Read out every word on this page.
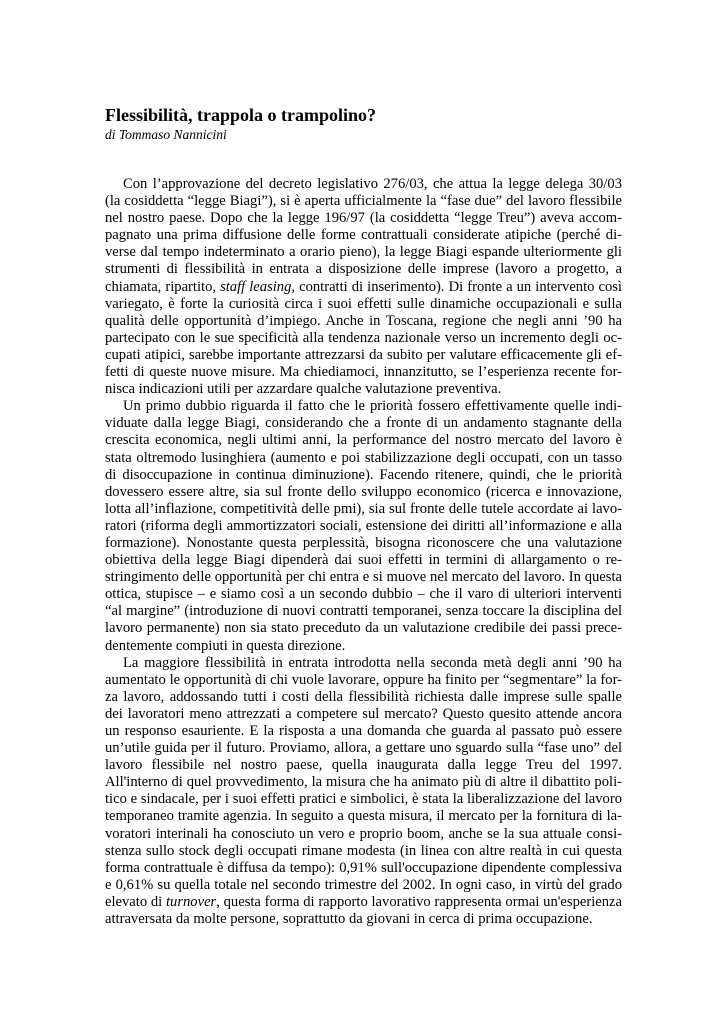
Flessibilità, trappola o trampolino?
di Tommaso Nannicini
Con l’approvazione del decreto legislativo 276/03, che attua la legge delega 30/03
(la cosiddetta “legge Biagi”), si è aperta ufficialmente la “fase due” del lavoro flessibile
nel nostro paese. Dopo che la legge 196/97 (la cosiddetta “legge Treu”) aveva accom-
pagnato una prima diffusione delle forme contrattuali considerate atipiche (perché di-
verse dal tempo indeterminato a orario pieno), la legge Biagi espande ulteriormente gli
strumenti di flessibilità in entrata a disposizione delle imprese (lavoro a progetto, a
chiamata, ripartito, staff leasing, contratti di inserimento). Di fronte a un intervento così
variegato, è forte la curiosità circa i suoi effetti sulle dinamiche occupazionali e sulla
qualità delle opportunità d’impiego. Anche in Toscana, regione che negli anni ’90 ha
partecipato con le sue specificità alla tendenza nazionale verso un incremento degli oc-
cupati atipici, sarebbe importante attrezzarsi da subito per valutare efficacemente gli ef-
fetti di queste nuove misure. Ma chiediamoci, innanzitutto, se l’esperienza recente for-
nisca indicazioni utili per azzardare qualche valutazione preventiva.
Un primo dubbio riguarda il fatto che le priorità fossero effettivamente quelle indi-
viduate dalla legge Biagi, considerando che a fronte di un andamento stagnante della
crescita economica, negli ultimi anni, la performance del nostro mercato del lavoro è
stata oltremodo lusinghiera (aumento e poi stabilizzazione degli occupati, con un tasso
di disoccupazione in continua diminuzione). Facendo ritenere, quindi, che le priorità
dovessero essere altre, sia sul fronte dello sviluppo economico (ricerca e innovazione,
lotta all’inflazione, competitività delle pmi), sia sul fronte delle tutele accordate ai lavo-
ratori (riforma degli ammortizzatori sociali, estensione dei diritti all’informazione e alla
formazione). Nonostante questa perplessità, bisogna riconoscere che una valutazione
obiettiva della legge Biagi dipenderà dai suoi effetti in termini di allargamento o re-
stringimento delle opportunità per chi entra e si muove nel mercato del lavoro. In questa
ottica, stupisce – e siamo così a un secondo dubbio – che il varo di ulteriori interventi
“al margine” (introduzione di nuovi contratti temporanei, senza toccare la disciplina del
lavoro permanente) non sia stato preceduto da un valutazione credibile dei passi prece-
dentemente compiuti in questa direzione.
La maggiore flessibilità in entrata introdotta nella seconda metà degli anni ’90 ha
aumentato le opportunità di chi vuole lavorare, oppure ha finito per “segmentare” la for-
za lavoro, addossando tutti i costi della flessibilità richiesta dalle imprese sulle spalle
dei lavoratori meno attrezzati a competere sul mercato? Questo quesito attende ancora
un responso esauriente. E la risposta a una domanda che guarda al passato può essere
un’utile guida per il futuro. Proviamo, allora, a gettare uno sguardo sulla “fase uno” del
lavoro flessibile nel nostro paese, quella inaugurata dalla legge Treu del 1997.
All'interno di quel provvedimento, la misura che ha animato più di altre il dibattito poli-
tico e sindacale, per i suoi effetti pratici e simbolici, è stata la liberalizzazione del lavoro
temporaneo tramite agenzia. In seguito a questa misura, il mercato per la fornitura di la-
voratori interinali ha conosciuto un vero e proprio boom, anche se la sua attuale consi-
stenza sullo stock degli occupati rimane modesta (in linea con altre realtà in cui questa
forma contrattuale è diffusa da tempo): 0,91% sull'occupazione dipendente complessiva
e 0,61% su quella totale nel secondo trimestre del 2002. In ogni caso, in virtù del grado
elevato di turnover, questa forma di rapporto lavorativo rappresenta ormai un'esperienza
attraversata da molte persone, soprattutto da giovani in cerca di prima occupazione.
